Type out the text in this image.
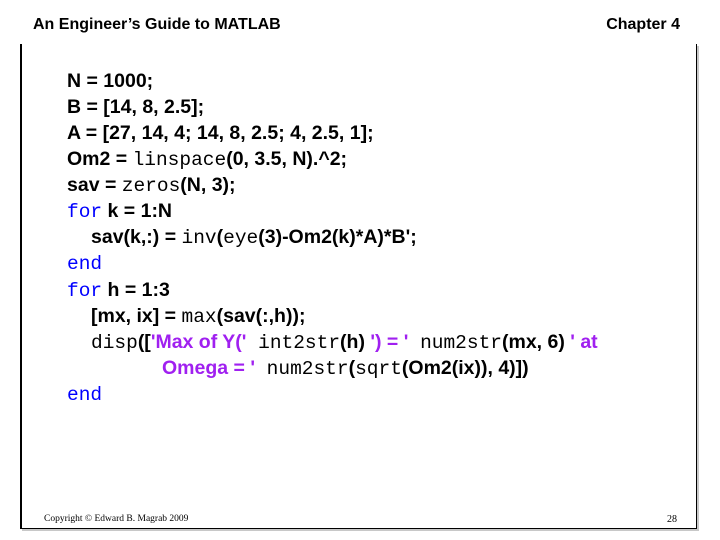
An Engineer’s Guide to MATLAB	Chapter 4
N = 1000;
B = [14, 8, 2.5];
A = [27, 14, 4; 14, 8, 2.5; 4, 2.5, 1];
Om2 = linspace(0, 3.5, N).^2;
sav = zeros(N, 3);
for k = 1:N
sav(k,:) = inv(eye(3)-Om2(k)*A)*B';
end
for h = 1:3
[mx, ix] = max(sav(:,h));
disp(['Max of Y(' int2str(h) ') = ' num2str(mx, 6) ' at
Omega = ' num2str(sqrt(Om2(ix)), 4)])
end
Copyright © Edward B. Magrab 2009	28
